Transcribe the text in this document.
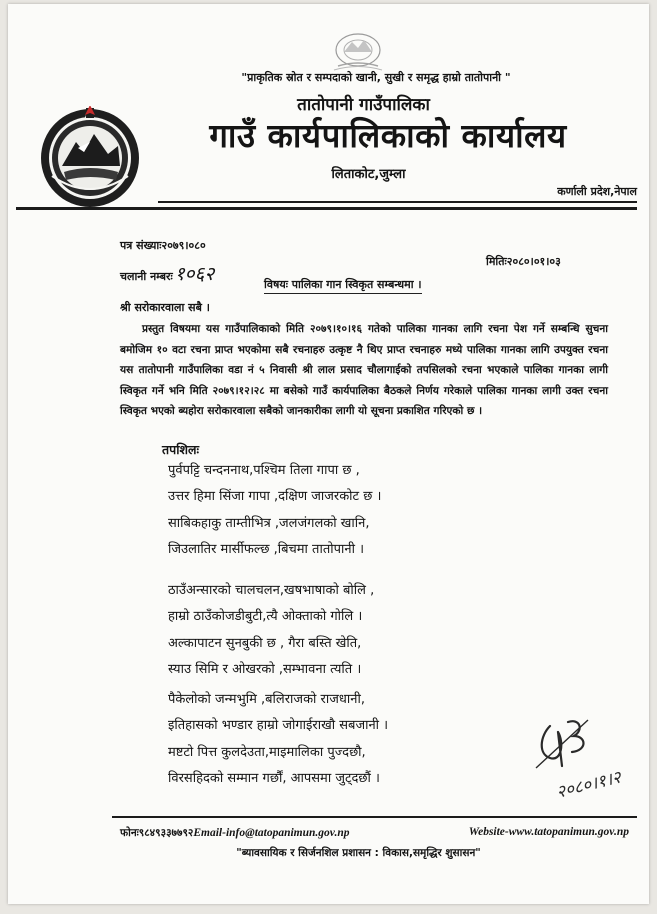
"प्राकृतिक स्रोत र सम्पदाको खानी, सुखी र समृद्ध हाम्रो तातोपानी "
तातोपानी गाउँपालिका
गाउँ कार्यपालिकाको कार्यालय
लिताकोट,जुम्ला
कर्णाली प्रदेश,नेपाल
पत्र संख्याः२०७९।०८०
चलानी नम्बरः १०६२
मितिः२०८०।०१।०३
विषयः पालिका गान स्विकृत सम्बन्धमा ।
श्री सरोकारवाला सबै ।
प्रस्तुत विषयमा यस गाउँपालिकाको मिति २०७९।१०।१६ गतेको पालिका गानका लागि रचना पेश गर्ने सम्बन्धि सुचना बमोजिम १० वटा रचना प्राप्त भएकोमा सबै रचनाहरु उत्कृष्ट नै थिए प्राप्त रचनाहरु मध्ये पालिका गानका लागि उपयुक्त रचना यस तातोपानी गाउँपालिका वडा नं ५ निवासी श्री लाल प्रसाद चौलागाईको तपसिलको रचना भएकाले पालिका गानका लागी स्विकृत गर्ने भनि मिति २०७९।१२।२८ मा बसेको गाउँ कार्यपालिका बैठकले निर्णय गरेकाले पालिका गानका लागी उक्त रचना स्विकृत भएको ब्यहोरा सरोकारवाला सबैको जानकारीका लागी यो सूचना प्रकाशित गरिएको छ ।
तपशिलः
पुर्वपट्टि चन्दननाथ,पश्चिम तिला गापा छ ,
उत्तर हिमा सिंजा गापा ,दक्षिण जाजरकोट छ ।
साबिकहाकु ताम्तीभित्र ,जलजंगलको खानि,
जिउलातिर मार्सीफल्छ ,बिचमा तातोपानी ।
ठाउँअन्सारको चालचलन,खषभाषाको बोलि ,
हाम्रो ठाउँकोजडीबुटी,त्यै ओक्ताको गोलि ।
अल्कापाटन सुनबुकी छ , गैरा बस्ति खेति,
स्याउ सिमि र ओखरको ,सम्भावना त्यति ।
पैकेलोको जन्मभुमि ,बलिराजको राजधानी,
इतिहासको भण्डार हाम्रो जोगाईराखौ सबजानी ।
मष्टटो पित्त कुलदेउता,माइमालिका पुज्दछौ,
विरसहिदको सम्मान गर्छौं, आपसमा जुट्दछौं ।	२०८०।१।२
फोनः९८४९३३७७९२Email-info@tatopanimun.gov.np	Website-www.tatopanimun.gov.np
"ब्यावसायिक र सिर्जनशिल प्रशासन : विकास,समृद्धिर शुसासन"
